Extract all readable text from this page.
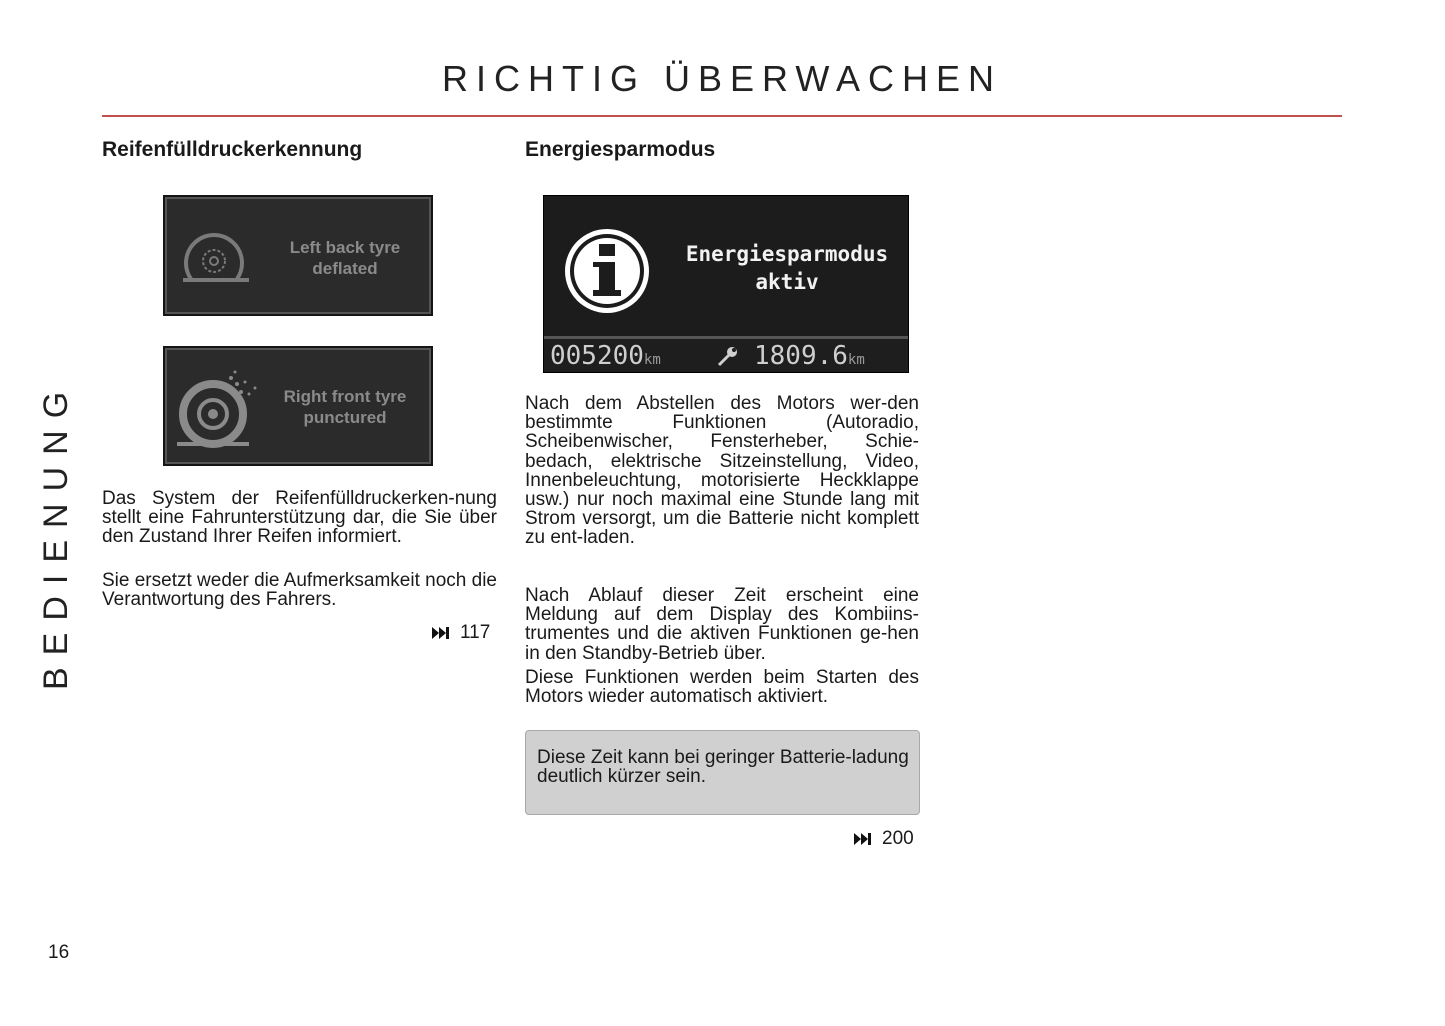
RICHTIG ÜBERWACHEN
BEDIENUNG
Reifenfülldruckerkennung
Left back tyre
deflated
Right front tyre
punctured

Das System der Reifenfülldruckerken-nung stellt eine Fahrunterstützung dar, die Sie über den Zustand Ihrer Reifen informiert.

Sie ersetzt weder die Aufmerksamkeit noch die Verantwortung des Fahrers.

117
Energiesparmodus
Energiesparmodus
aktiv
005200km	1809.6km

Nach dem Abstellen des Motors wer-den bestimmte Funktionen (Autoradio, Scheibenwischer, Fensterheber, Schie-bedach, elektrische Sitzeinstellung, Video, Innenbeleuchtung, motorisierte Heckklappe usw.) nur noch maximal eine Stunde lang mit Strom versorgt, um die Batterie nicht komplett zu ent-laden.

Nach Ablauf dieser Zeit erscheint eine Meldung auf dem Display des Kombiins-trumentes und die aktiven Funktionen ge-hen in den Standby-Betrieb über.

Diese Funktionen werden beim Starten des Motors wieder automatisch aktiviert.

Diese Zeit kann bei geringer Batterie-ladung deutlich kürzer sein.

200
16
